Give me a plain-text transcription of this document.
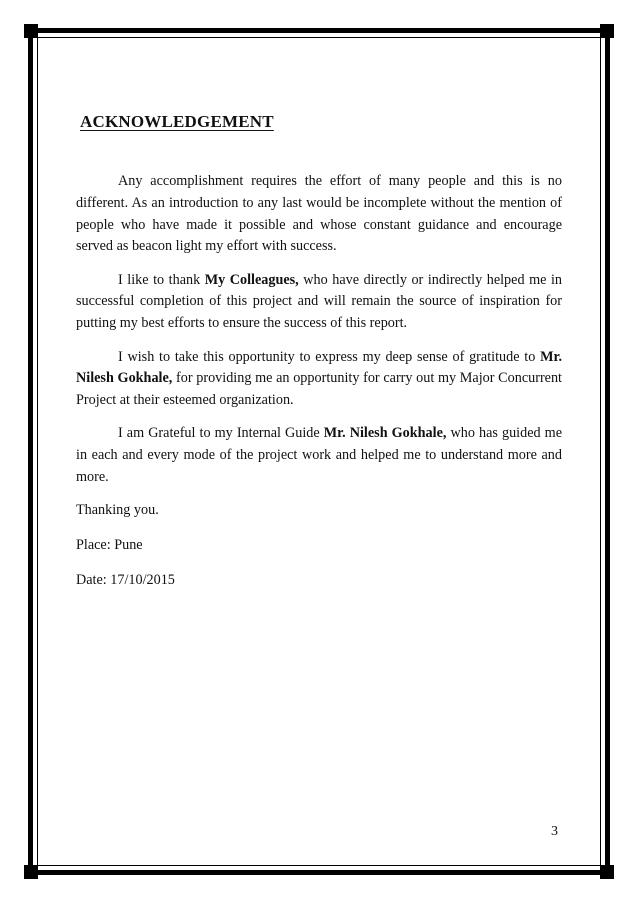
ACKNOWLEDGEMENT

Any accomplishment requires the effort of many people and this is no different. As an introduction to any last would be incomplete without the mention of people who have made it possible and whose constant guidance and encourage served as beacon light my effort with success.

I like to thank My Colleagues, who have directly or indirectly helped me in successful completion of this project and will remain the source of inspiration for putting my best efforts to ensure the success of this report.

I wish to take this opportunity to express my deep sense of gratitude to Mr. Nilesh Gokhale, for providing me an opportunity for carry out my Major Concurrent Project at their esteemed organization.

I am Grateful to my Internal Guide Mr. Nilesh Gokhale, who has guided me in each and every mode of the project work and helped me to understand more and more.

Thanking you.

Place: Pune

Date: 17/10/2015

3
